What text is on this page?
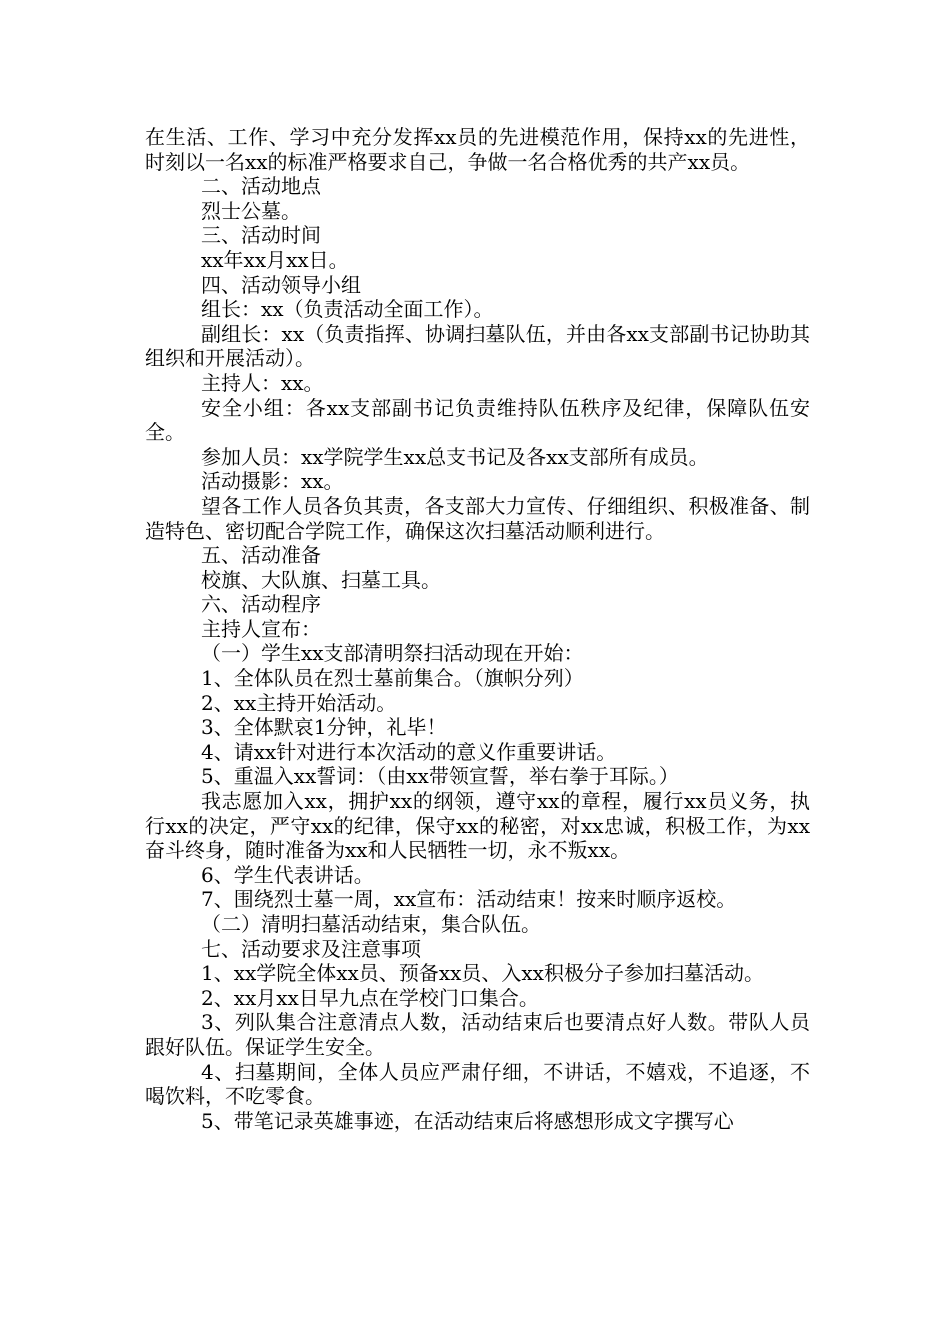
在生活、工作、学习中充分发挥xx员的先进模范作用，保持xx的先进性，时刻以一名xx的标准严格要求自己，争做一名合格优秀的共产xx员。

二、活动地点

烈士公墓。

三、活动时间

xx年xx月xx日。

四、活动领导小组

组长：xx（负责活动全面工作）。

副组长：xx（负责指挥、协调扫墓队伍，并由各xx支部副书记协助其组织和开展活动）。

主持人：xx。

安全小组：各xx支部副书记负责维持队伍秩序及纪律，保障队伍安全。

参加人员：xx学院学生xx总支书记及各xx支部所有成员。

活动摄影：xx。

望各工作人员各负其责，各支部大力宣传、仔细组织、积极准备、制造特色、密切配合学院工作，确保这次扫墓活动顺利进行。

五、活动准备

校旗、大队旗、扫墓工具。

六、活动程序

主持人宣布：

（一）学生xx支部清明祭扫活动现在开始：

1、全体队员在烈士墓前集合。（旗帜分列）

2、xx主持开始活动。

3、全体默哀1分钟，礼毕！

4、请xx针对进行本次活动的意义作重要讲话。

5、重温入xx誓词：（由xx带领宣誓，举右拳于耳际。）

我志愿加入xx，拥护xx的纲领，遵守xx的章程，履行xx员义务，执行xx的决定，严守xx的纪律，保守xx的秘密，对xx忠诚，积极工作，为xx奋斗终身，随时准备为xx和人民牺牲一切，永不叛xx。

6、学生代表讲话。

7、围绕烈士墓一周，xx宣布：活动结束！按来时顺序返校。

（二）清明扫墓活动结束，集合队伍。

七、活动要求及注意事项

1、xx学院全体xx员、预备xx员、入xx积极分子参加扫墓活动。

2、xx月xx日早九点在学校门口集合。

3、列队集合注意清点人数，活动结束后也要清点好人数。带队人员跟好队伍。保证学生安全。

4、扫墓期间，全体人员应严肃仔细，不讲话，不嬉戏，不追逐，不喝饮料，不吃零食。

5、带笔记录英雄事迹，在活动结束后将感想形成文字撰写心
